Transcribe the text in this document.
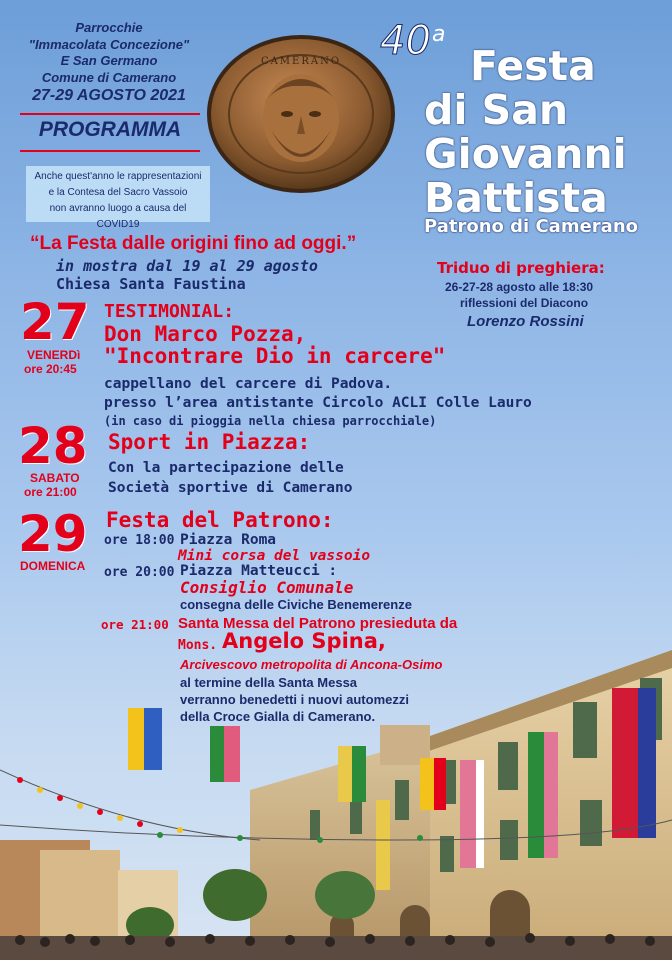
Parrocchie
"Immacolata Concezione"
E San Germano
Comune di Camerano
27-29 AGOSTO 2021
PROGRAMMA
Anche quest'anno le rappresentazioni
e la Contesa del Sacro Vassoio
non avranno luogo a causa del COVID19
CAMERANO 40 a
Festa
di San
Giovanni
Battista
Patrono di Camerano
“La Festa dalle origini fino ad oggi.”
in mostra dal 19 al 29 agosto
Chiesa Santa Faustina
Triduo di preghiera:
26-27-28 agosto alle 18:30
riflessioni del Diacono
Lorenzo Rossini
27
VENERDì
ore 20:45
TESTIMONIAL:
Don Marco Pozza,
"Incontrare Dio in carcere"
cappellano del carcere di Padova.
presso l’area antistante Circolo ACLI Colle Lauro
(in caso di pioggia nella chiesa parrocchiale)
28
SABATO
ore 21:00
Sport in Piazza:
Con la partecipazione delle
Società sportive di Camerano
29
DOMENICA
Festa del Patrono:
ore 18:00 Piazza Roma
Mini corsa del vassoio
ore 20:00 Piazza Matteucci :
Consiglio Comunale
consegna delle Civiche Benemerenze
ore 21:00 Santa Messa del Patrono presieduta da
Mons. Angelo Spina,
Arcivescovo metropolita di Ancona-Osimo
al termine della Santa Messa
verranno benedetti i nuovi automezzi
della Croce Gialla di Camerano.
